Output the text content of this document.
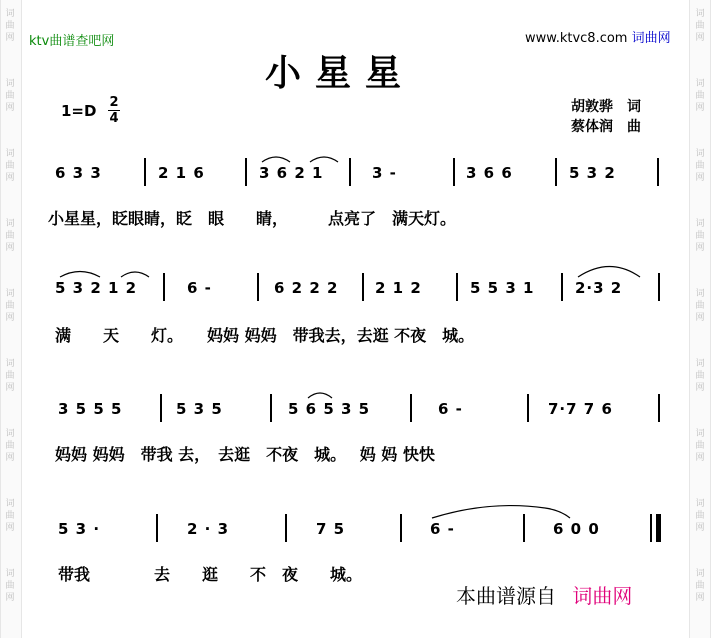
词曲网
词曲网
词曲网
词曲网
词曲网
词曲网
词曲网
词曲网
词曲网
词曲网
词曲网
词曲网
词曲网
词曲网
词曲网
词曲网
词曲网
词曲网
ktv曲谱查吧网	www.ktvc8.com 词曲网
小星星
1=D 2
4
胡敦骅　词
蔡体润　曲
6 3 3	2 1 6	3 6 2 1	3 -	3 6 6	5 3 2
小星星，眨眼睛，眨　眼　　睛，　　　点亮了　满天灯。
5 3 2 1 2	6 -	6 2 2 2 2 1 2	5 5 3 1	2·3 2
满　　天　　灯。　　妈妈 妈妈　带我去，去逛 不夜　城。
3 5 5 5	5 3 5	5 6 5 3 5	6 -	7·7 7 6
妈妈 妈妈　带我 去，　去逛　不夜　城。　 妈 妈 快快
5 3 ·	2 · 3	7 5	6 -	6 0 0
带我　　　　去　　逛　　不　夜　　城。
本曲谱源自 词曲网
